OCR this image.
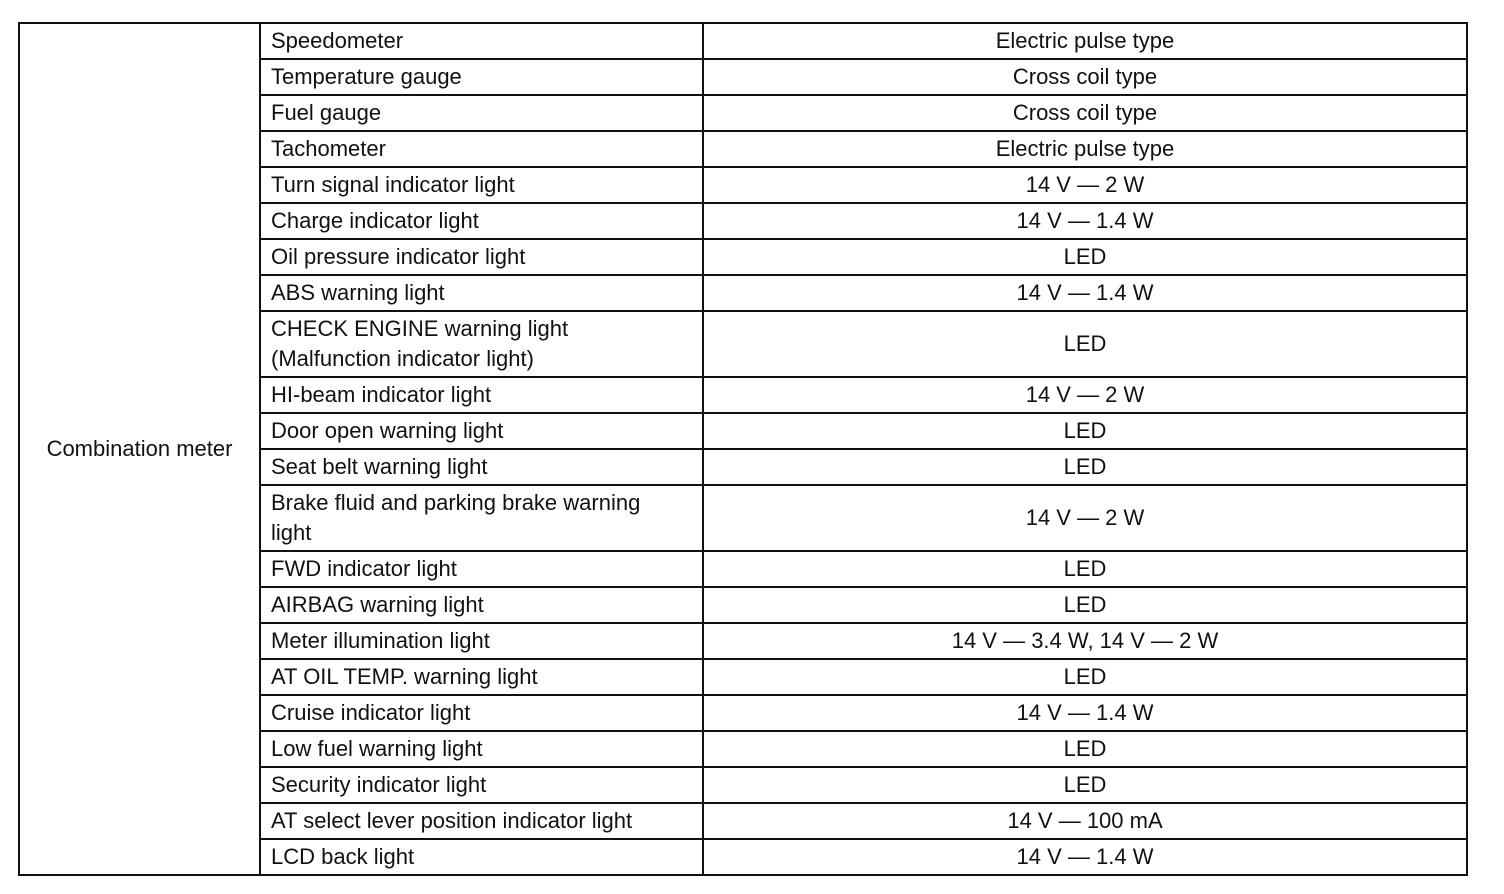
Combination meter	Speedometer	Electric pulse type
	Temperature gauge	Cross coil type
	Fuel gauge	Cross coil type
	Tachometer	Electric pulse type
	Turn signal indicator light	14 V — 2 W
	Charge indicator light	14 V — 1.4 W
	Oil pressure indicator light	LED
	ABS warning light	14 V — 1.4 W
	CHECK ENGINE warning light
(Malfunction indicator light)	LED
	HI-beam indicator light	14 V — 2 W
	Door open warning light	LED
	Seat belt warning light	LED
	Brake fluid and parking brake warning
light	14 V — 2 W
	FWD indicator light	LED
	AIRBAG warning light	LED
	Meter illumination light	14 V — 3.4 W, 14 V — 2 W
	AT OIL TEMP. warning light	LED
	Cruise indicator light	14 V — 1.4 W
	Low fuel warning light	LED
	Security indicator light	LED
	AT select lever position indicator light	14 V — 100 mA
	LCD back light	14 V — 1.4 W
